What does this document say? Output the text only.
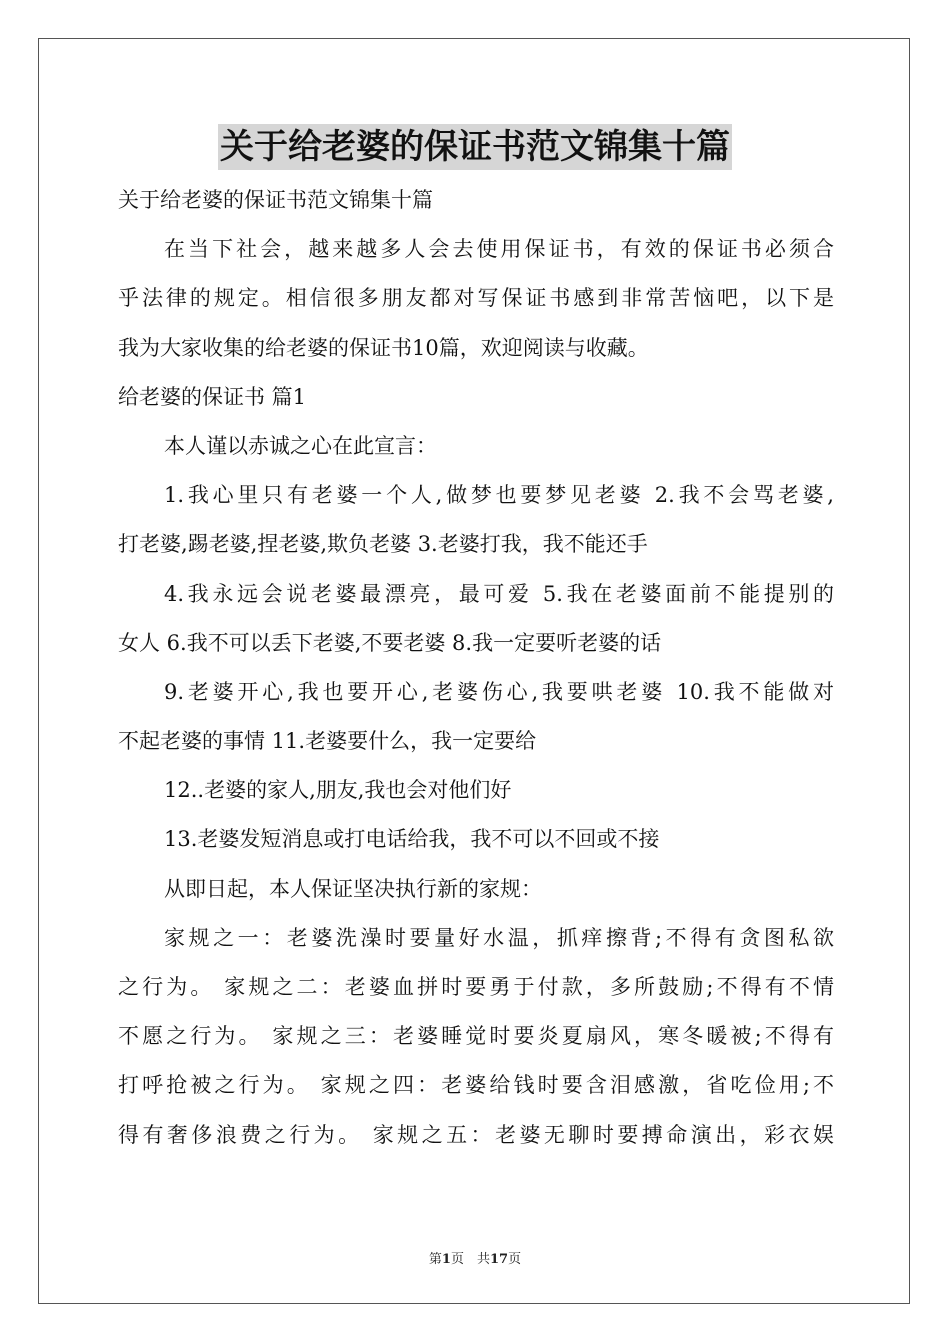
关于给老婆的保证书范文锦集十篇
关于给老婆的保证书范文锦集十篇
在当下社会，越来越多人会去使用保证书，有效的保证书必须合
乎法律的规定。相信很多朋友都对写保证书感到非常苦恼吧，以下是
我为大家收集的给老婆的保证书10篇，欢迎阅读与收藏。
给老婆的保证书 篇1
本人谨以赤诚之心在此宣言：
1.我心里只有老婆一个人,做梦也要梦见老婆 2.我不会骂老婆,
打老婆,踢老婆,捏老婆,欺负老婆 3.老婆打我，我不能还手
4.我永远会说老婆最漂亮，最可爱 5.我在老婆面前不能提别的
女人 6.我不可以丢下老婆,不要老婆 8.我一定要听老婆的话
9.老婆开心,我也要开心,老婆伤心,我要哄老婆 10.我不能做对
不起老婆的事情 11.老婆要什么，我一定要给
12..老婆的家人,朋友,我也会对他们好
13.老婆发短消息或打电话给我，我不可以不回或不接
从即日起，本人保证坚决执行新的家规：
家规之一：老婆洗澡时要量好水温，抓痒擦背;不得有贪图私欲
之行为。 家规之二：老婆血拼时要勇于付款，多所鼓励;不得有不情
不愿之行为。 家规之三：老婆睡觉时要炎夏扇风，寒冬暖被;不得有
打呼抢被之行为。 家规之四：老婆给钱时要含泪感激，省吃俭用;不
得有奢侈浪费之行为。 家规之五：老婆无聊时要搏命演出，彩衣娱
第1页　共17页
